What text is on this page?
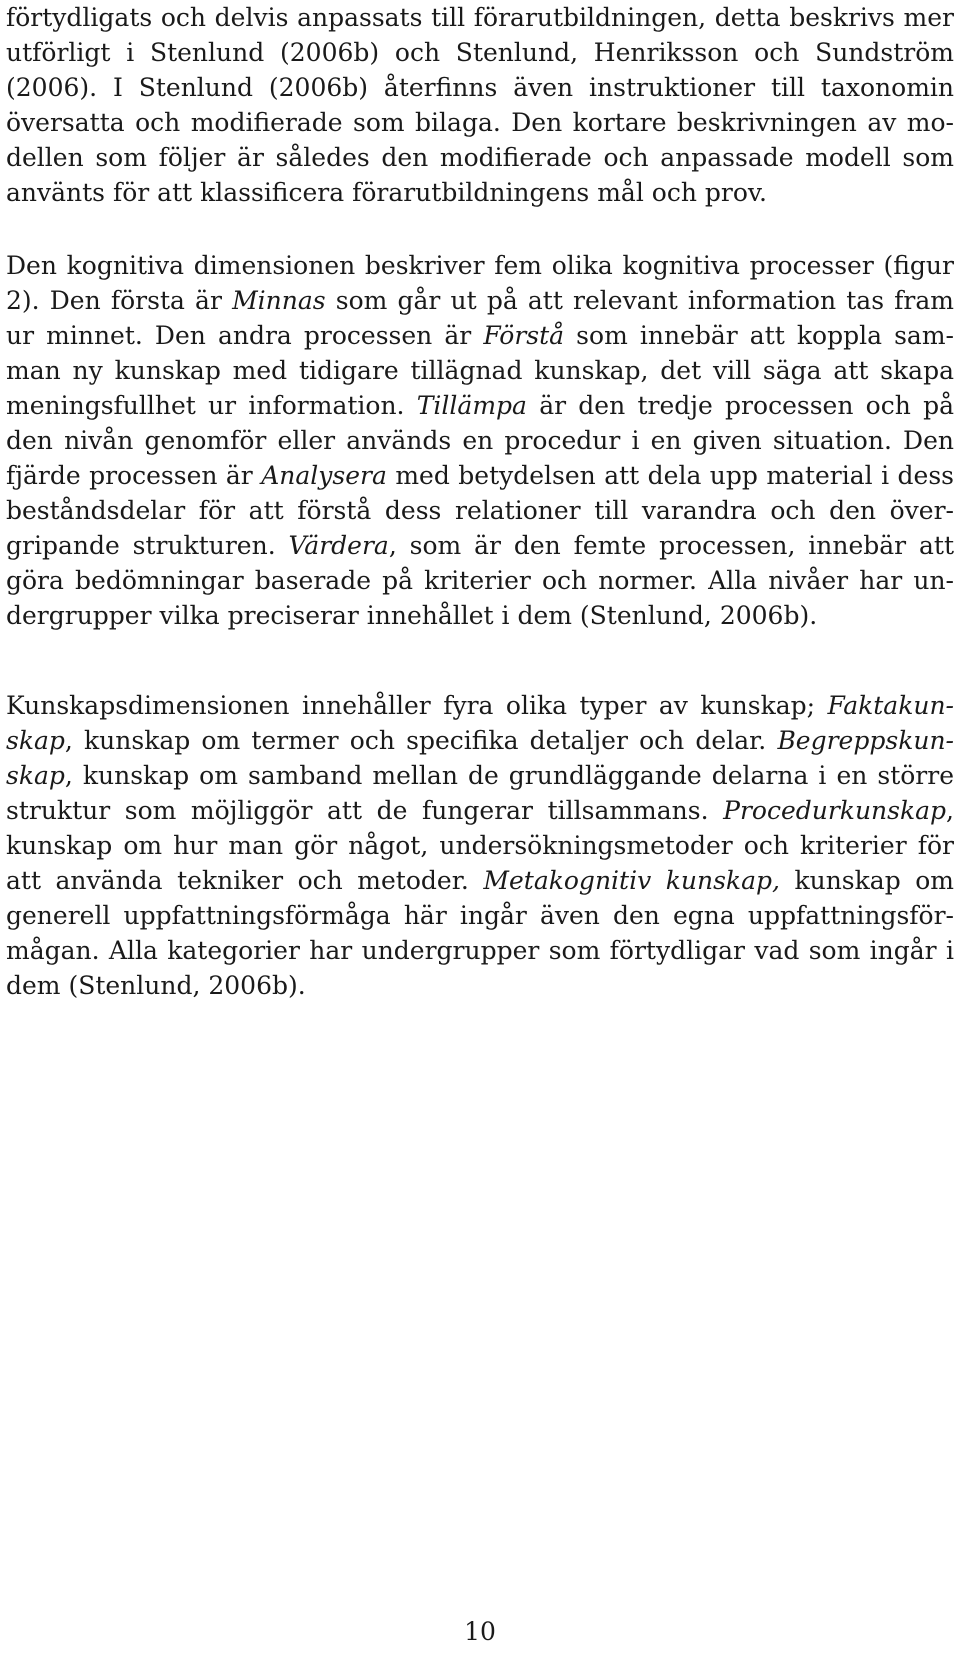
förtydligats och delvis anpassats till förarutbildningen, detta beskrivs mer
utförligt i Stenlund (2006b) och Stenlund, Henriksson och Sundström
(2006). I Stenlund (2006b) återfinns även instruktioner till taxonomin
översatta och modifierade som bilaga. Den kortare beskrivningen av mo-
dellen som följer är således den modifierade och anpassade modell som
använts för att klassificera förarutbildningens mål och prov.
Den kognitiva dimensionen beskriver fem olika kognitiva processer (figur
2). Den första är Minnas som går ut på att relevant information tas fram
ur minnet. Den andra processen är Förstå som innebär att koppla sam-
man ny kunskap med tidigare tillägnad kunskap, det vill säga att skapa
meningsfullhet ur information. Tillämpa är den tredje processen och på
den nivån genomför eller används en procedur i en given situation. Den
fjärde processen är Analysera med betydelsen att dela upp material i dess
beståndsdelar för att förstå dess relationer till varandra och den över-
gripande strukturen. Värdera, som är den femte processen, innebär att
göra bedömningar baserade på kriterier och normer. Alla nivåer har un-
dergrupper vilka preciserar innehållet i dem (Stenlund, 2006b).
Kunskapsdimensionen innehåller fyra olika typer av kunskap; Faktakun-
skap, kunskap om termer och specifika detaljer och delar. Begreppskun-
skap, kunskap om samband mellan de grundläggande delarna i en större
struktur som möjliggör att de fungerar tillsammans. Procedurkunskap,
kunskap om hur man gör något, undersökningsmetoder och kriterier för
att använda tekniker och metoder. Metakognitiv kunskap, kunskap om
generell uppfattningsförmåga här ingår även den egna uppfattningsför-
mågan. Alla kategorier har undergrupper som förtydligar vad som ingår i
dem (Stenlund, 2006b).
10
